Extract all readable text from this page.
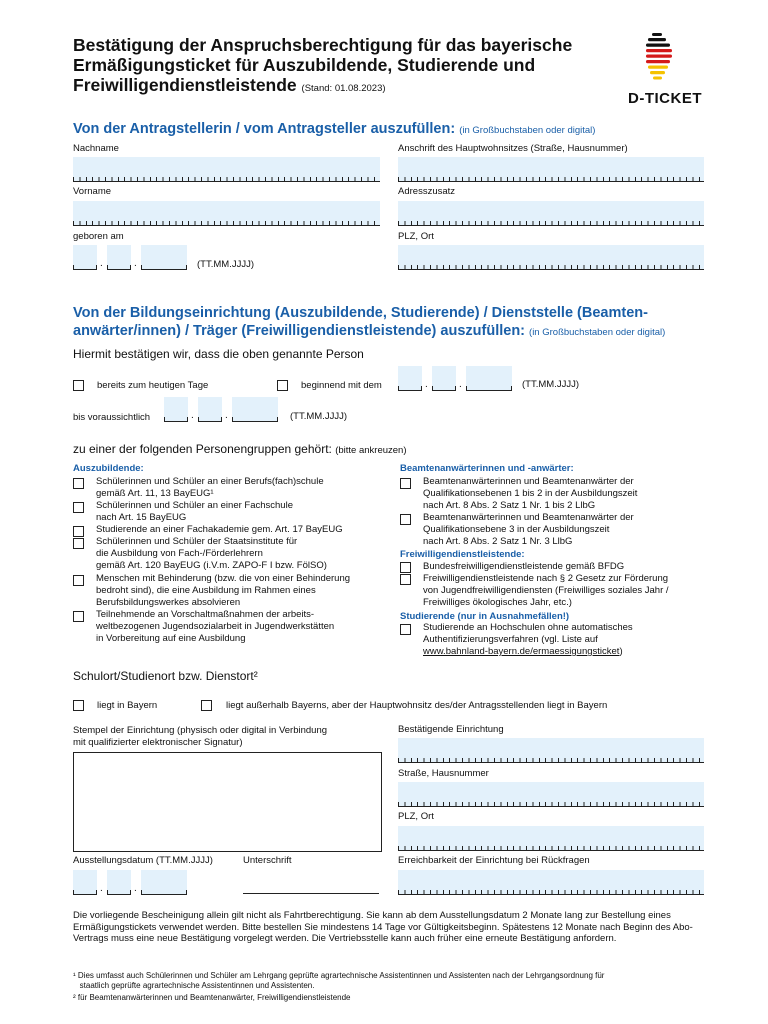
Bestätigung der Anspruchsberechtigung für das bayerische Ermäßigungsticket für Auszubildende, Studierende und Freiwilligendienstleistende (Stand: 01.08.2023)
D-TICKET
Von der Antragstellerin / vom Antragsteller auszufüllen: (in Großbuchstaben oder digital)
Nachname	Anschrift des Hauptwohnsitzes (Straße, Hausnummer)
Vorname	Adresszusatz
geboren am
.	.	(TT.MM.JJJJ)
PLZ, Ort
Von der Bildungseinrichtung (Auszubildende, Studierende) / Dienststelle (Beamten-anwärter/innen) / Träger (Freiwilligendienstleistende) auszufüllen: (in Großbuchstaben oder digital)
Hiermit bestätigen wir, dass die oben genannte Person
bereits zum heutigen Tage	beginnend mit dem	.	.	(TT.MM.JJJJ)
bis voraussichtlich	.	.	(TT.MM.JJJJ)
zu einer der folgenden Personengruppen gehört: (bitte ankreuzen)
Auszubildende:
Schülerinnen und Schüler an einer Berufs(fach)schule
gemäß Art. 11, 13 BayEUG¹
Schülerinnen und Schüler an einer Fachschule
nach Art. 15 BayEUG
Studierende an einer Fachakademie gem. Art. 17 BayEUG
Schülerinnen und Schüler der Staatsinstitute für
die Ausbildung von Fach-/Förderlehrern
gemäß Art. 120 BayEUG (i.V.m. ZAPO-F I bzw. FölSO)
Menschen mit Behinderung (bzw. die von einer Behinderung
bedroht sind), die eine Ausbildung im Rahmen eines
Berufsbildungswerkes absolvieren
Teilnehmende an Vorschaltmaßnahmen der arbeits-
weltbezogenen Jugendsozialarbeit in Jugendwerkstätten
in Vorbereitung auf eine Ausbildung
Beamtenanwärterinnen und -anwärter:
Beamtenanwärterinnen und Beamtenanwärter der
Qualifikationsebenen 1 bis 2 in der Ausbildungszeit
nach Art. 8 Abs. 2 Satz 1 Nr. 1 bis 2 LlbG
Beamtenanwärterinnen und Beamtenanwärter der
Qualifikationsebene 3 in der Ausbildungszeit
nach Art. 8 Abs. 2 Satz 1 Nr. 3 LlbG
Freiwilligendienstleistende:
Bundesfreiwilligendienstleistende gemäß BFDG
Freiwilligendienstleistende nach § 2 Gesetz zur Förderung
von Jugendfreiwilligendiensten (Freiwilliges soziales Jahr /
Freiwilliges ökologisches Jahr, etc.)
Studierende (nur in Ausnahmefällen!)
Studierende an Hochschulen ohne automatisches
Authentifizierungsverfahren (vgl. Liste auf
www.bahnland-bayern.de/ermaessigungsticket)
Schulort/Studienort bzw. Dienstort²
liegt in Bayern	liegt außerhalb Bayerns, aber der Hauptwohnsitz des/der Antragsstellenden liegt in Bayern
Stempel der Einrichtung (physisch oder digital in Verbindung
mit qualifizierter elektronischer Signatur)
Bestätigende Einrichtung
Straße, Hausnummer
PLZ, Ort
Ausstellungsdatum (TT.MM.JJJJ)
.	.
Unterschrift	Erreichbarkeit der Einrichtung bei Rückfragen
Die vorliegende Bescheinigung allein gilt nicht als Fahrtberechtigung. Sie kann ab dem Ausstellungsdatum 2 Monate lang zur Bestellung eines Ermäßigungstickets verwendet werden. Bitte bestellen Sie mindestens 14 Tage vor Gültigkeitsbeginn. Spätestens 12 Monate nach Beginn des Abo-Vertrags muss eine neue Bestätigung vorgelegt werden. Die Vertriebsstelle kann auch früher eine erneute Bestätigung anfordern.
¹ Dies umfasst auch Schülerinnen und Schüler am Lehrgang geprüfte agrartechnische Assistentinnen und Assistenten nach der Lehrgangsordnung für
staatlich geprüfte agrartechnische Assistentinnen und Assistenten.
² für Beamtenanwärterinnen und Beamtenanwärter, Freiwilligendienstleistende
